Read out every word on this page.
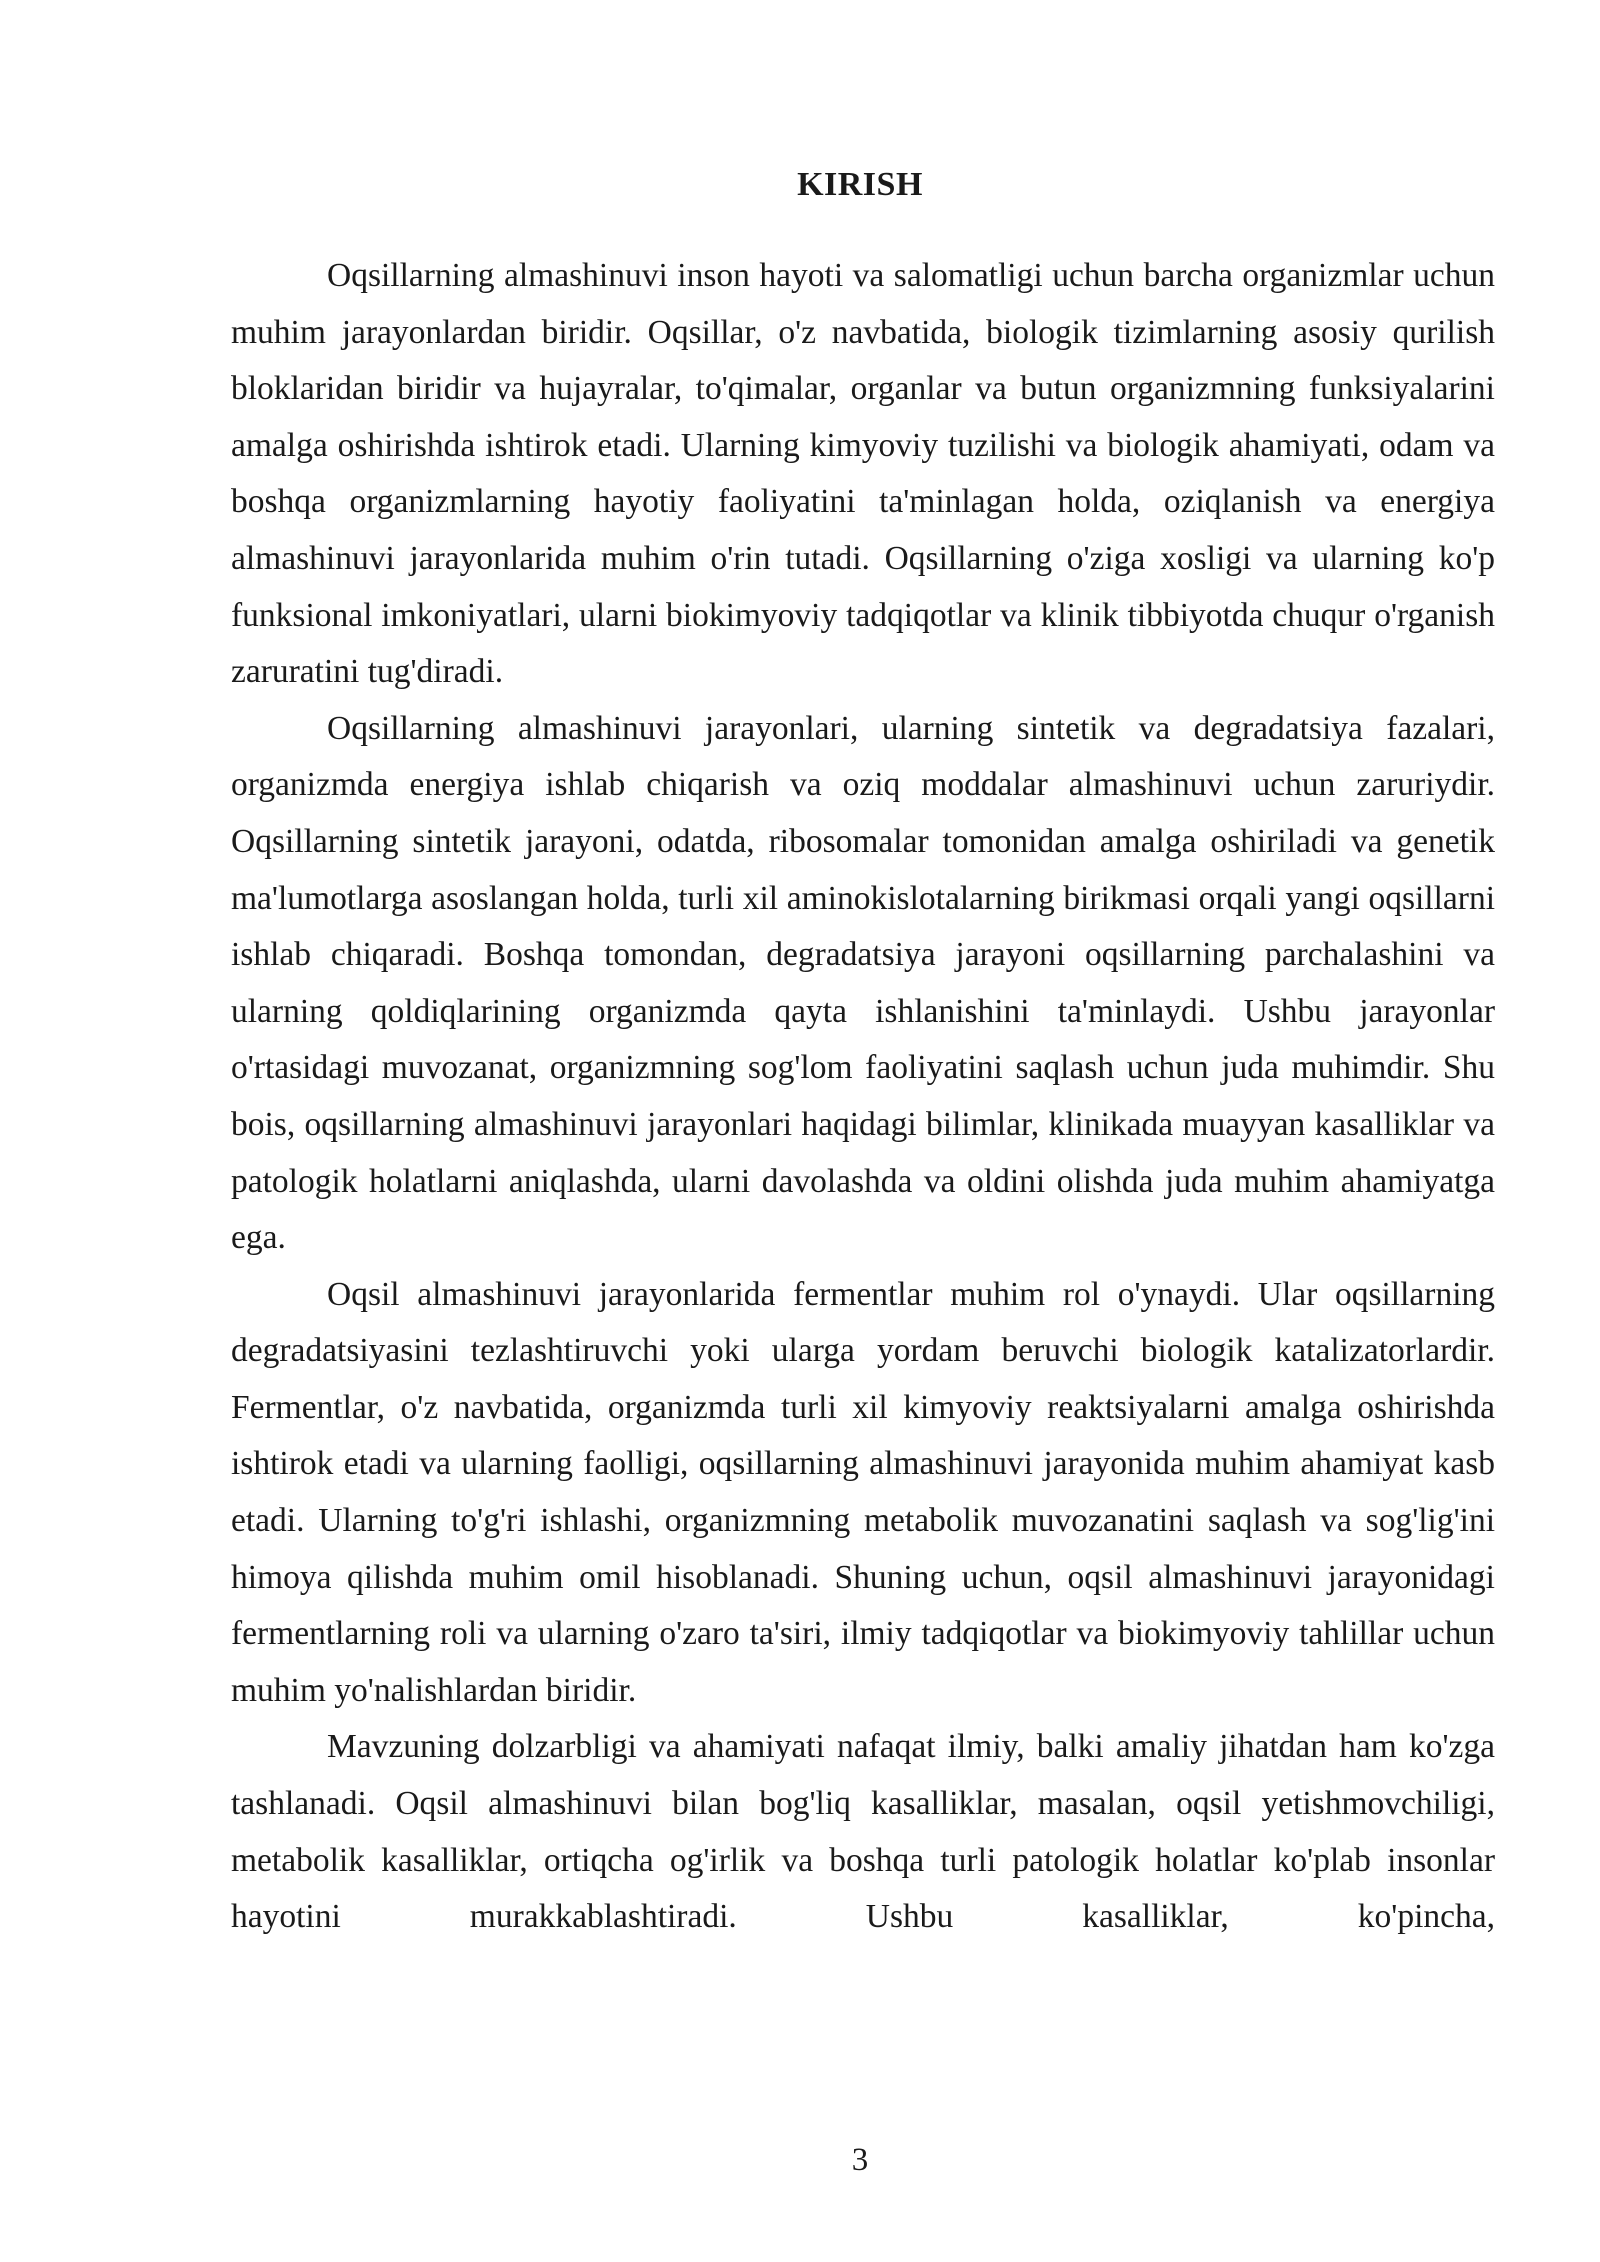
KIRISH

Oqsillarning almashinuvi inson hayoti va salomatligi uchun barcha organizmlar uchun muhim jarayonlardan biridir. Oqsillar, o'z navbatida, biologik tizimlarning asosiy qurilish bloklaridan biridir va hujayralar, to'qimalar, organlar va butun organizmning funksiyalarini amalga oshirishda ishtirok etadi. Ularning kimyoviy tuzilishi va biologik ahamiyati, odam va boshqa organizmlarning hayotiy faoliyatini ta'minlagan holda, oziqlanish va energiya almashinuvi jarayonlarida muhim o'rin tutadi. Oqsillarning o'ziga xosligi va ularning ko'p funksional imkoniyatlari, ularni biokimyoviy tadqiqotlar va klinik tibbiyotda chuqur o'rganish zaruratini tug'diradi.

Oqsillarning almashinuvi jarayonlari, ularning sintetik va degradatsiya fazalari, organizmda energiya ishlab chiqarish va oziq moddalar almashinuvi uchun zaruriydir. Oqsillarning sintetik jarayoni, odatda, ribosomalar tomonidan amalga oshiriladi va genetik ma'lumotlarga asoslangan holda, turli xil aminokislotalarning birikmasi orqali yangi oqsillarni ishlab chiqaradi. Boshqa tomondan, degradatsiya jarayoni oqsillarning parchalashini va ularning qoldiqlarining organizmda qayta ishlanishini ta'minlaydi. Ushbu jarayonlar o'rtasidagi muvozanat, organizmning sog'lom faoliyatini saqlash uchun juda muhimdir. Shu bois, oqsillarning almashinuvi jarayonlari haqidagi bilimlar, klinikada muayyan kasalliklar va patologik holatlarni aniqlashda, ularni davolashda va oldini olishda juda muhim ahamiyatga ega.

Oqsil almashinuvi jarayonlarida fermentlar muhim rol o'ynaydi. Ular oqsillarning degradatsiyasini tezlashtiruvchi yoki ularga yordam beruvchi biologik katalizatorlardir. Fermentlar, o'z navbatida, organizmda turli xil kimyoviy reaktsiyalarni amalga oshirishda ishtirok etadi va ularning faolligi, oqsillarning almashinuvi jarayonida muhim ahamiyat kasb etadi. Ularning to'g'ri ishlashi, organizmning metabolik muvozanatini saqlash va sog'lig'ini himoya qilishda muhim omil hisoblanadi. Shuning uchun, oqsil almashinuvi jarayonidagi fermentlarning roli va ularning o'zaro ta'siri, ilmiy tadqiqotlar va biokimyoviy tahlillar uchun muhim yo'nalishlardan biridir.

Mavzuning dolzarbligi va ahamiyati nafaqat ilmiy, balki amaliy jihatdan ham ko'zga tashlanadi. Oqsil almashinuvi bilan bog'liq kasalliklar, masalan, oqsil yetishmovchiligi, metabolik kasalliklar, ortiqcha og'irlik va boshqa turli patologik holatlar ko'plab insonlar hayotini murakkablashtiradi. Ushbu kasalliklar, ko'pincha,

3
